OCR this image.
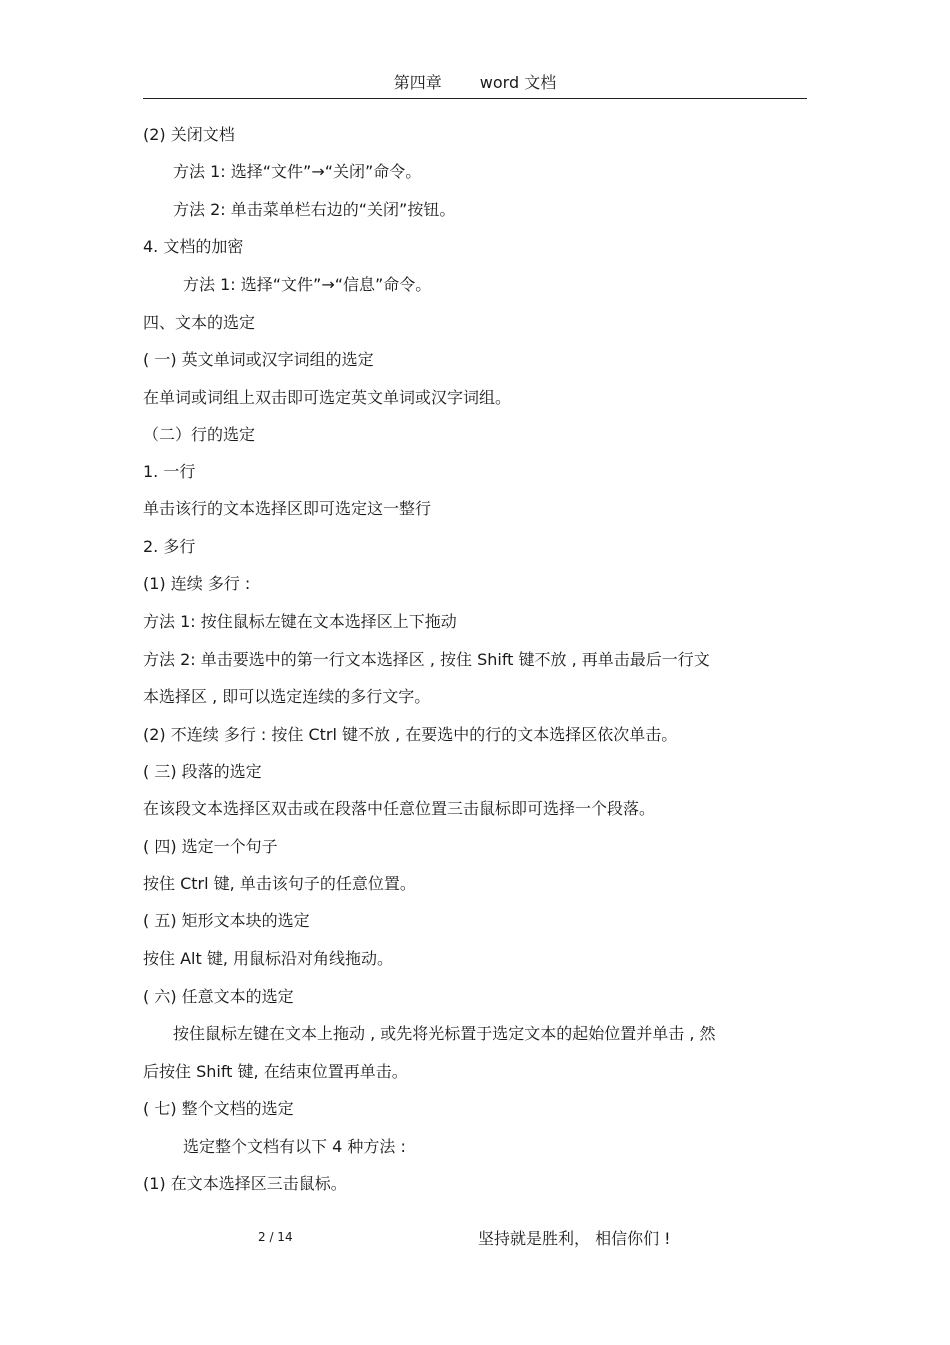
第四章 word 文档
(2) 关闭文档
方法 1: 选择“文件”→“关闭”命令。
方法 2: 单击菜单栏右边的“关闭”按钮。
4. 文档的加密
方法 1: 选择“文件”→“信息”命令。
四、文本的选定
( 一) 英文单词或汉字词组的选定
在单词或词组上双击即可选定英文单词或汉字词组。
（二）行的选定
1. 一行
单击该行的文本选择区即可选定这一整行
2. 多行
(1) 连续 多行 :
方法 1: 按住鼠标左键在文本选择区上下拖动
方法 2: 单击要选中的第一行文本选择区 , 按住 Shift 键不放 , 再单击最后一行文
本选择区 , 即可以选定连续的多行文字。
(2) 不连续 多行 : 按住 Ctrl 键不放 , 在要选中的行的文本选择区依次单击。
( 三) 段落的选定
在该段文本选择区双击或在段落中任意位置三击鼠标即可选择一个段落。
( 四) 选定一个句子
按住 Ctrl 键, 单击该句子的任意位置。
( 五) 矩形文本块的选定
按住 Alt 键, 用鼠标沿对角线拖动。
( 六) 任意文本的选定
按住鼠标左键在文本上拖动 , 或先将光标置于选定文本的起始位置并单击 , 然
后按住 Shift 键, 在结束位置再单击。
( 七) 整个文档的选定
选定整个文档有以下 4 种方法 :
(1) 在文本选择区三击鼠标。
2 / 14	坚持就是胜利， 相信你们 !
